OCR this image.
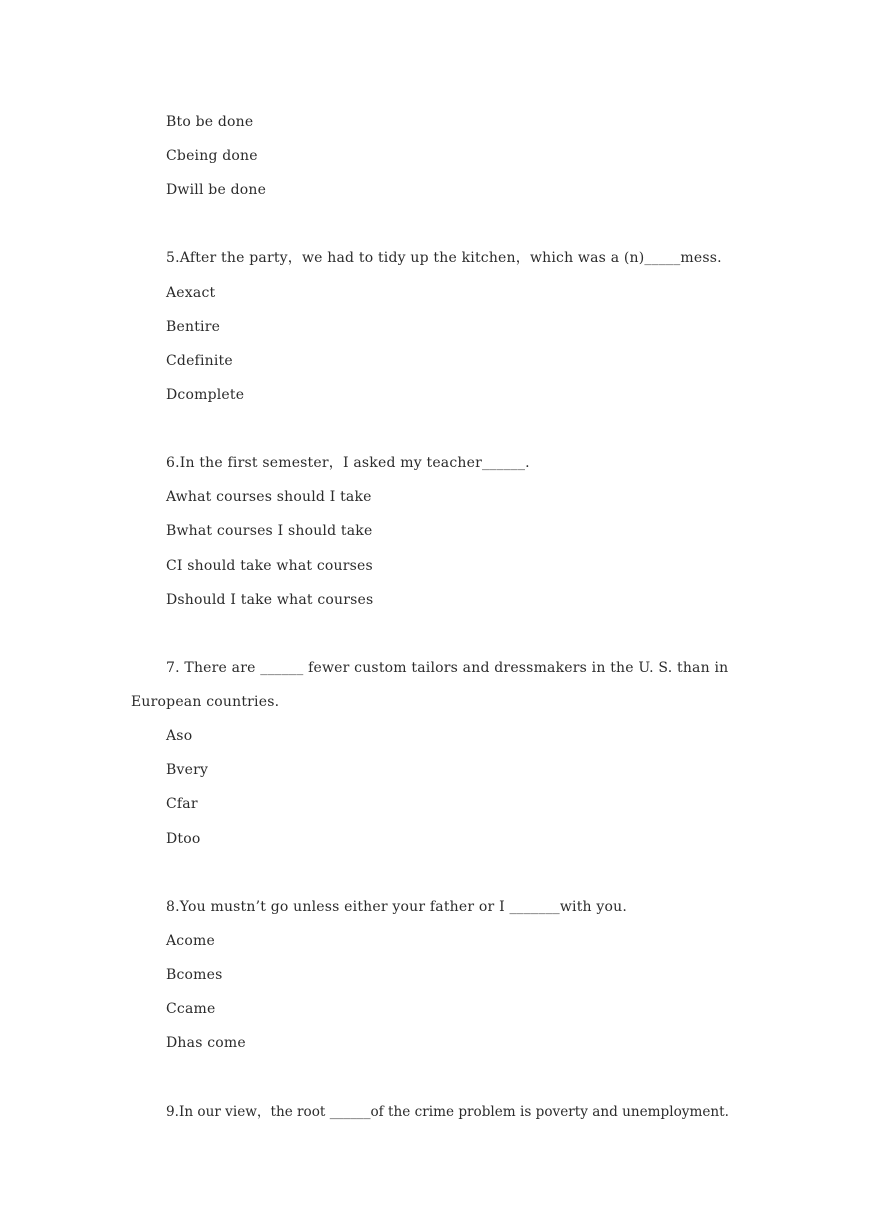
Bto be done
Cbeing done
Dwill be done
5.After the party，we had to tidy up the kitchen，which was a (n)_____mess.
Aexact
Bentire
Cdefinite
Dcomplete
6.In the first semester，I asked my teacher______.
Awhat courses should I take
Bwhat courses I should take
CI should take what courses
Dshould I take what courses
7. There are ______ fewer custom tailors and dressmakers in the U. S. than in
European countries.
Aso
Bvery
Cfar
Dtoo
8.You mustn’t go unless either your father or I _______with you.
Acome
Bcomes
Ccame
Dhas come
9.In our view，the root ______of the crime problem is poverty and unemployment.
